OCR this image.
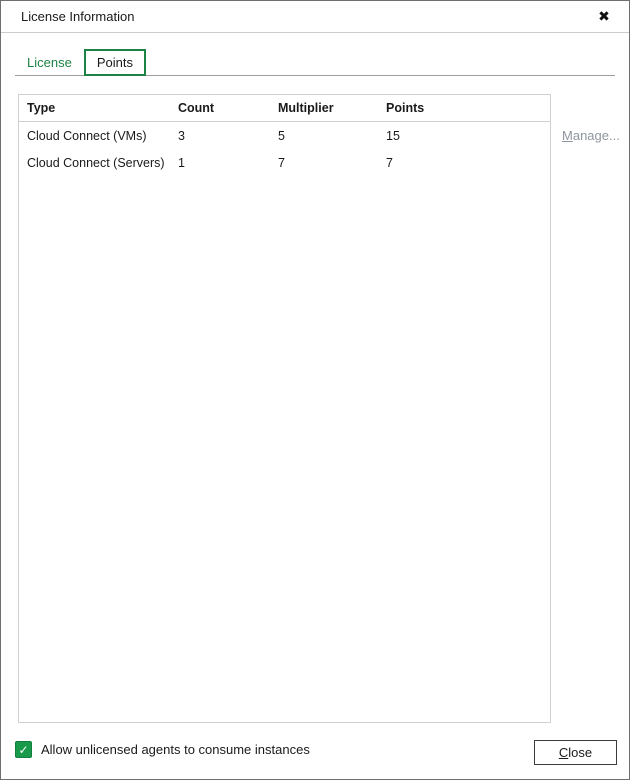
License Information	✖
License Points
Type	Count	Multiplier	Points
Cloud Connect (VMs)	3	5	15
Cloud Connect (Servers)	1	7	7
Manage...
✓ Allow unlicensed agents to consume instances	Close
